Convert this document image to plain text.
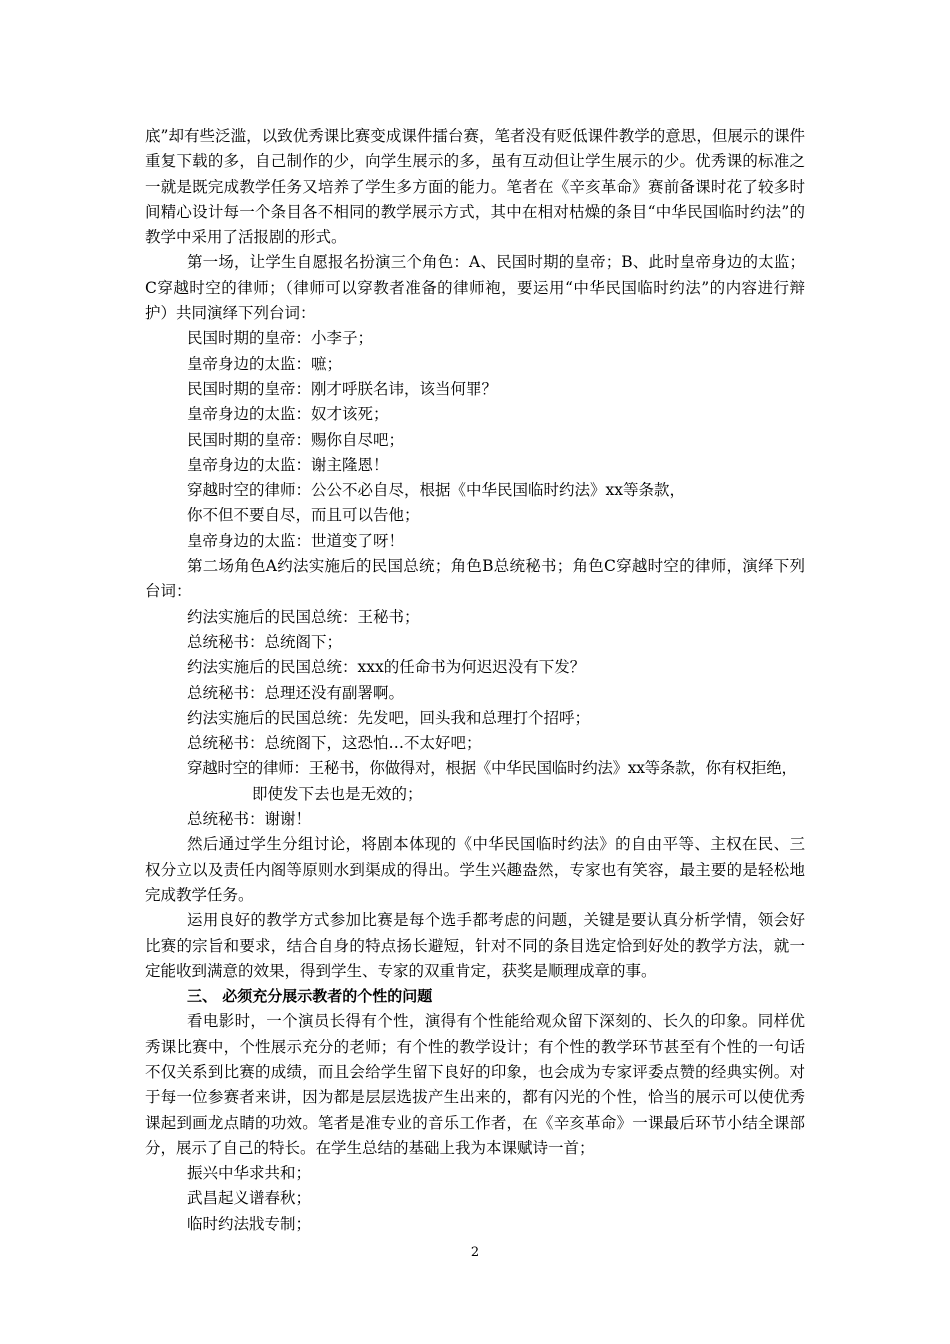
底”却有些泛滥，以致优秀课比赛变成课件擂台赛，笔者没有贬低课件教学的意思，但展示的课件重复下载的多，自己制作的少，向学生展示的多，虽有互动但让学生展示的少。优秀课的标准之一就是既完成教学任务又培养了学生多方面的能力。笔者在《辛亥革命》赛前备课时花了较多时间精心设计每一个条目各不相同的教学展示方式，其中在相对枯燥的条目“中华民国临时约法”的教学中采用了活报剧的形式。

第一场，让学生自愿报名扮演三个角色：A、民国时期的皇帝；B、此时皇帝身边的太监；C穿越时空的律师；（律师可以穿教者准备的律师袍，要运用“中华民国临时约法”的内容进行辩护）共同演绎下列台词：

民国时期的皇帝：小李子；

皇帝身边的太监：嗻；

民国时期的皇帝：刚才呼朕名讳，该当何罪？

皇帝身边的太监：奴才该死；

民国时期的皇帝：赐你自尽吧；

皇帝身边的太监：谢主隆恩！

穿越时空的律师：公公不必自尽，根据《中华民国临时约法》xx等条款，

你不但不要自尽，而且可以告他；

皇帝身边的太监：世道变了呀！

第二场角色A约法实施后的民国总统；角色B总统秘书；角色C穿越时空的律师，演绎下列台词：

约法实施后的民国总统：王秘书；

总统秘书：总统阁下；

约法实施后的民国总统：xxx的任命书为何迟迟没有下发？

总统秘书：总理还没有副署啊。

约法实施后的民国总统：先发吧，回头我和总理打个招呼；

总统秘书：总统阁下，这恐怕…不太好吧；

穿越时空的律师：王秘书，你做得对，根据《中华民国临时约法》xx等条款，你有权拒绝，

即使发下去也是无效的；

总统秘书：谢谢！

然后通过学生分组讨论，将剧本体现的《中华民国临时约法》的自由平等、主权在民、三权分立以及责任内阁等原则水到渠成的得出。学生兴趣盎然，专家也有笑容，最主要的是轻松地完成教学任务。

运用良好的教学方式参加比赛是每个选手都考虑的问题，关键是要认真分析学情，领会好比赛的宗旨和要求，结合自身的特点扬长避短，针对不同的条目选定恰到好处的教学方法，就一定能收到满意的效果，得到学生、专家的双重肯定，获奖是顺理成章的事。

三、 必须充分展示教者的个性的问题

看电影时，一个演员长得有个性，演得有个性能给观众留下深刻的、长久的印象。同样优秀课比赛中，个性展示充分的老师；有个性的教学设计；有个性的教学环节甚至有个性的一句话不仅关系到比赛的成绩，而且会给学生留下良好的印象，也会成为专家评委点赞的经典实例。对于每一位参赛者来讲，因为都是层层选拔产生出来的，都有闪光的个性，恰当的展示可以使优秀课起到画龙点睛的功效。笔者是准专业的音乐工作者，在《辛亥革命》一课最后环节小结全课部分，展示了自己的特长。在学生总结的基础上我为本课赋诗一首；

振兴中华求共和；

武昌起义谱春秋；

临时约法戕专制；

2
